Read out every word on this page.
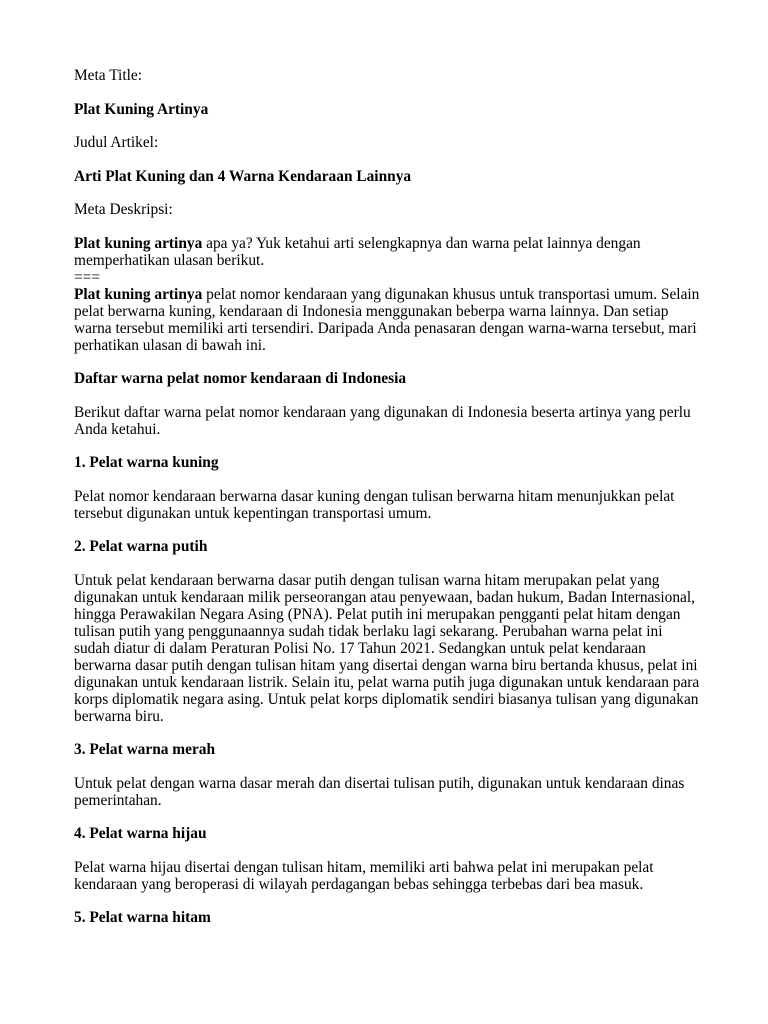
Meta Title:

Plat Kuning Artinya

Judul Artikel:

Arti Plat Kuning dan 4 Warna Kendaraan Lainnya

Meta Deskripsi:

Plat kuning artinya apa ya? Yuk ketahui arti selengkapnya dan warna pelat lainnya dengan memperhatikan ulasan berikut.

===

Plat kuning artinya pelat nomor kendaraan yang digunakan khusus untuk transportasi umum. Selain pelat berwarna kuning, kendaraan di Indonesia menggunakan beberpa warna lainnya. Dan setiap warna tersebut memiliki arti tersendiri. Daripada Anda penasaran dengan warna-warna tersebut, mari perhatikan ulasan di bawah ini.

Daftar warna pelat nomor kendaraan di Indonesia

Berikut daftar warna pelat nomor kendaraan yang digunakan di Indonesia beserta artinya yang perlu Anda ketahui.

1. Pelat warna kuning

Pelat nomor kendaraan berwarna dasar kuning dengan tulisan berwarna hitam menunjukkan pelat tersebut digunakan untuk kepentingan transportasi umum.

2. Pelat warna putih

Untuk pelat kendaraan berwarna dasar putih dengan tulisan warna hitam merupakan pelat yang digunakan untuk kendaraan milik perseorangan atau penyewaan, badan hukum, Badan Internasional, hingga Perawakilan Negara Asing (PNA). Pelat putih ini merupakan pengganti pelat hitam dengan tulisan putih yang penggunaannya sudah tidak berlaku lagi sekarang. Perubahan warna pelat ini sudah diatur di dalam Peraturan Polisi No. 17 Tahun 2021. Sedangkan untuk pelat kendaraan berwarna dasar putih dengan tulisan hitam yang disertai dengan warna biru bertanda khusus, pelat ini digunakan untuk kendaraan listrik. Selain itu, pelat warna putih juga digunakan untuk kendaraan para korps diplomatik negara asing. Untuk pelat korps diplomatik sendiri biasanya tulisan yang digunakan berwarna biru.

3. Pelat warna merah

Untuk pelat dengan warna dasar merah dan disertai tulisan putih, digunakan untuk kendaraan dinas pemerintahan.

4. Pelat warna hijau

Pelat warna hijau disertai dengan tulisan hitam, memiliki arti bahwa pelat ini merupakan pelat kendaraan yang beroperasi di wilayah perdagangan bebas sehingga terbebas dari bea masuk.

5. Pelat warna hitam
